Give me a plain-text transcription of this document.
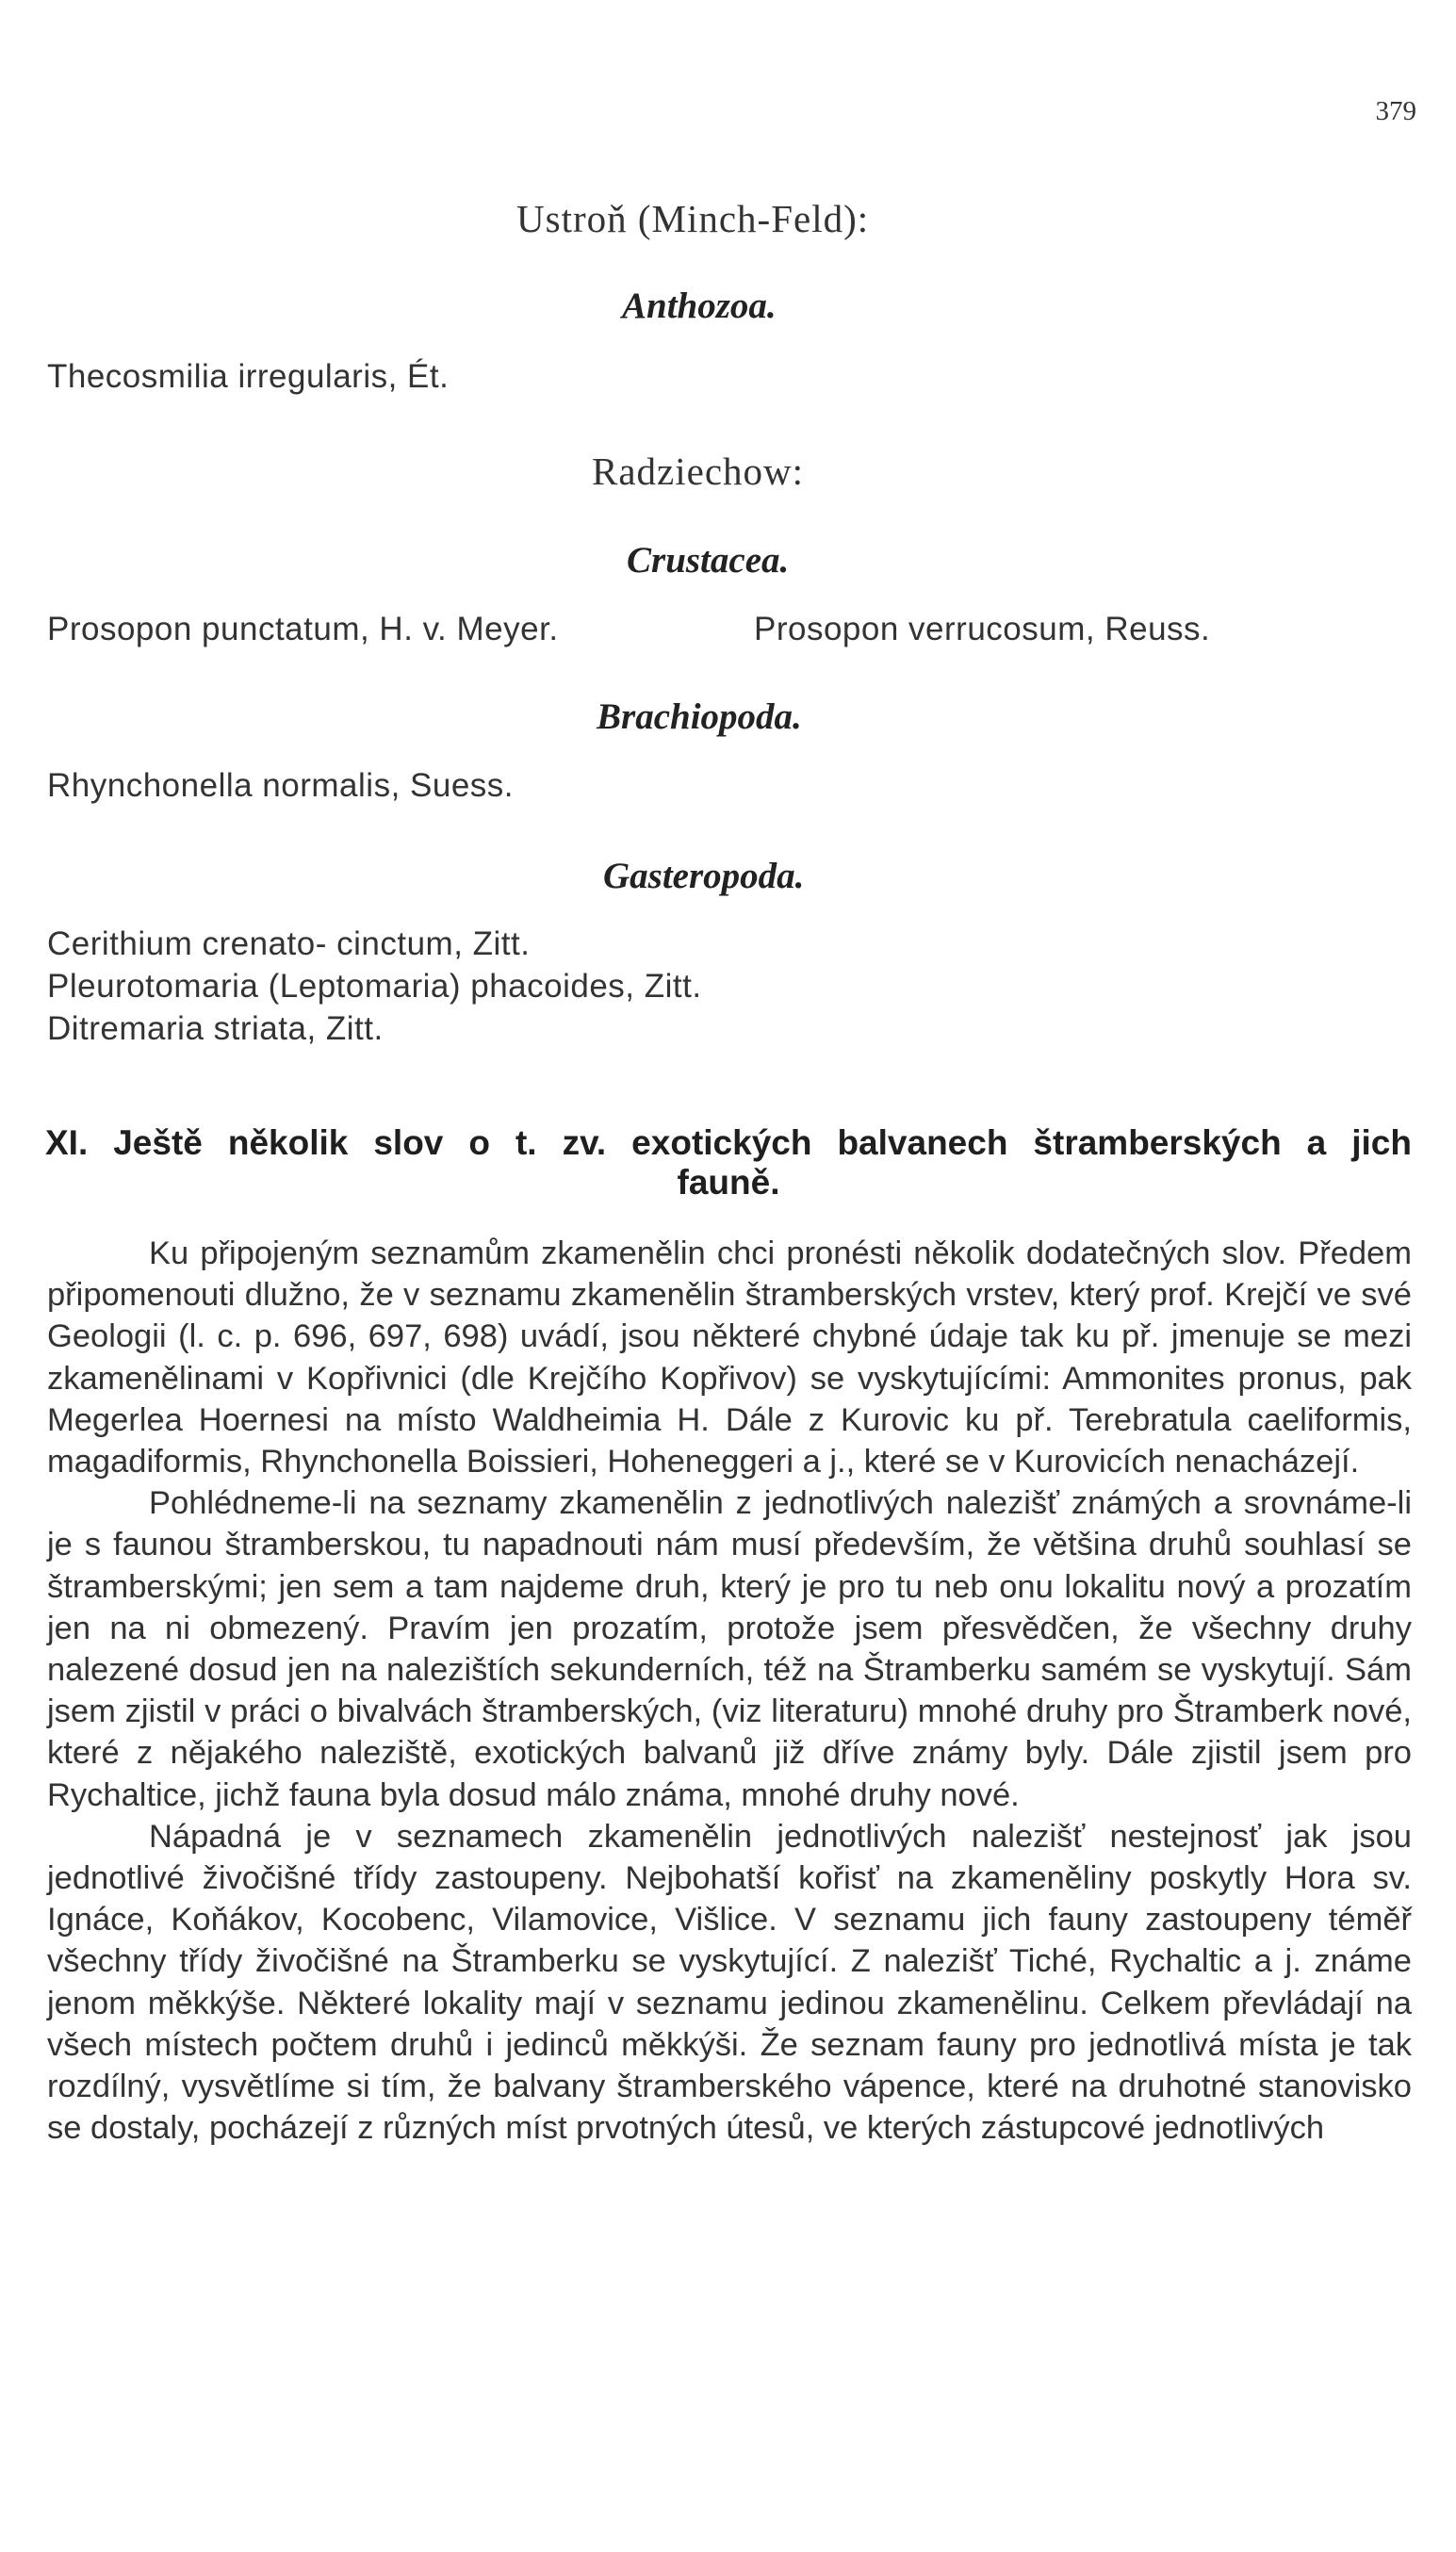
379
Ustroň (Minch-Feld):
Anthozoa.
Thecosmilia irregularis, Ét.
Radziechow:
Crustacea.
Prosopon punctatum, H. v. Meyer.	Prosopon verrucosum, Reuss.
Brachiopoda.
Rhynchonella normalis, Suess.
Gasteropoda.
Cerithium crenato- cinctum, Zitt.
Pleurotomaria (Leptomaria) phacoides, Zitt.
Ditremaria striata, Zitt.
XI. Ještě několik slov o t. zv. exotických balvanech štramberských a jich
fauně.

Ku připojeným seznamům zkamenělin chci pronésti několik dodatečných slov. Předem připomenouti dlužno, že v seznamu zkamenělin štramberských vrstev, který prof. Krejčí ve své Geologii (l. c. p. 696, 697, 698) uvádí, jsou některé chybné údaje tak ku př. jmenuje se mezi zkamenělinami v Kopřivnici (dle Krejčího Kopřivov) se vyskytujícími: Ammonites pronus, pak Megerlea Hoernesi na místo Waldheimia H. Dále z Kurovic ku př. Terebratula caeliformis, magadiformis, Rhynchonella Boissieri, Hoheneggeri a j., které se v Kurovicích nenacházejí.

Pohlédneme-li na seznamy zkamenělin z jednotlivých nalezišť známých a srovnáme-li je s faunou štramberskou, tu napadnouti nám musí především, že většina druhů souhlasí se štramberskými; jen sem a tam najdeme druh, který je pro tu neb onu lokalitu nový a prozatím jen na ni obmezený. Pravím jen prozatím, protože jsem přesvědčen, že všechny druhy nalezené dosud jen na nalezištích sekunderních, též na Štramberku samém se vyskytují. Sám jsem zjistil v práci o bivalvách štramberských, (viz literaturu) mnohé druhy pro Štramberk nové, které z nějakého naleziště, exotických balvanů již dříve známy byly. Dále zjistil jsem pro Rychaltice, jichž fauna byla dosud málo známa, mnohé druhy nové.

Nápadná je v seznamech zkamenělin jednotlivých nalezišť nestejnosť jak jsou jednotlivé živočišné třídy zastoupeny. Nejbohatší kořisť na zkameněliny poskytly Hora sv. Ignáce, Koňákov, Kocobenc, Vilamovice, Višlice. V seznamu jich fauny zastoupeny téměř všechny třídy živočišné na Štramberku se vyskytující. Z nalezišť Tiché, Rychaltic a j. známe jenom měkkýše. Některé lokality mají v seznamu jedinou zkamenělinu. Celkem převládají na všech místech počtem druhů i jedinců měkkýši. Že seznam fauny pro jednotlivá místa je tak rozdílný, vysvětlíme si tím, že balvany štramberského vápence, které na druhotné stanovisko se dostaly, pocházejí z různých míst prvotných útesů, ve kterých zástupcové jednotlivých
